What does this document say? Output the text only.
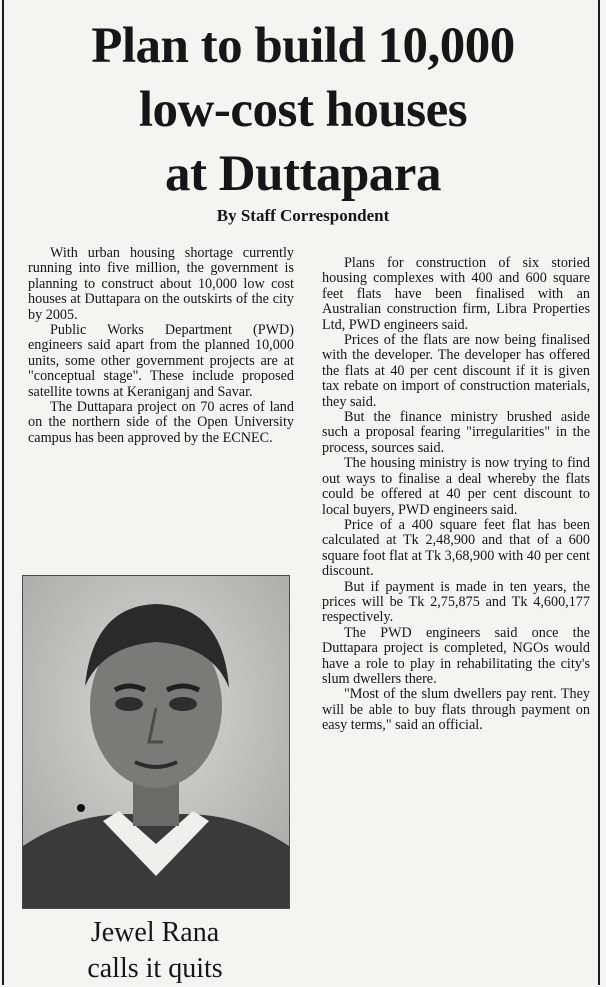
Plan to build 10,000
low-cost houses
at Duttapara
By Staff Correspondent

With urban housing shortage currently running into five million, the government is planning to construct about 10,000 low cost houses at Duttapara on the outskirts of the city by 2005.

Public Works Department (PWD) engineers said apart from the planned 10,000 units, some other government projects are at "conceptual stage". These include proposed satellite towns at Keraniganj and Savar.

The Duttapara project on 70 acres of land on the northern side of the Open University campus has been approved by the ECNEC.

Plans for construction of six storied housing complexes with 400 and 600 square feet flats have been finalised with an Australian construction firm, Libra Properties Ltd, PWD engineers said.

Prices of the flats are now being finalised with the developer. The developer has offered the flats at 40 per cent discount if it is given tax rebate on import of construction materials, they said.

But the finance ministry brushed aside such a proposal fearing "irregularities" in the process, sources said.

The housing ministry is now trying to find out ways to finalise a deal whereby the flats could be offered at 40 per cent discount to local buyers, PWD engineers said.

Price of a 400 square feet flat has been calculated at Tk 2,48,900 and that of a 600 square foot flat at Tk 3,68,900 with 40 per cent discount.

But if payment is made in ten years, the prices will be Tk 2,75,875 and Tk 4,600,177 respectively.

The PWD engineers said once the Duttapara project is completed, NGOs would have a role to play in rehabilitating the city's slum dwellers there.

"Most of the slum dwellers pay rent. They will be able to buy flats through payment on easy terms," said an official.

Jewel Rana
calls it quits
